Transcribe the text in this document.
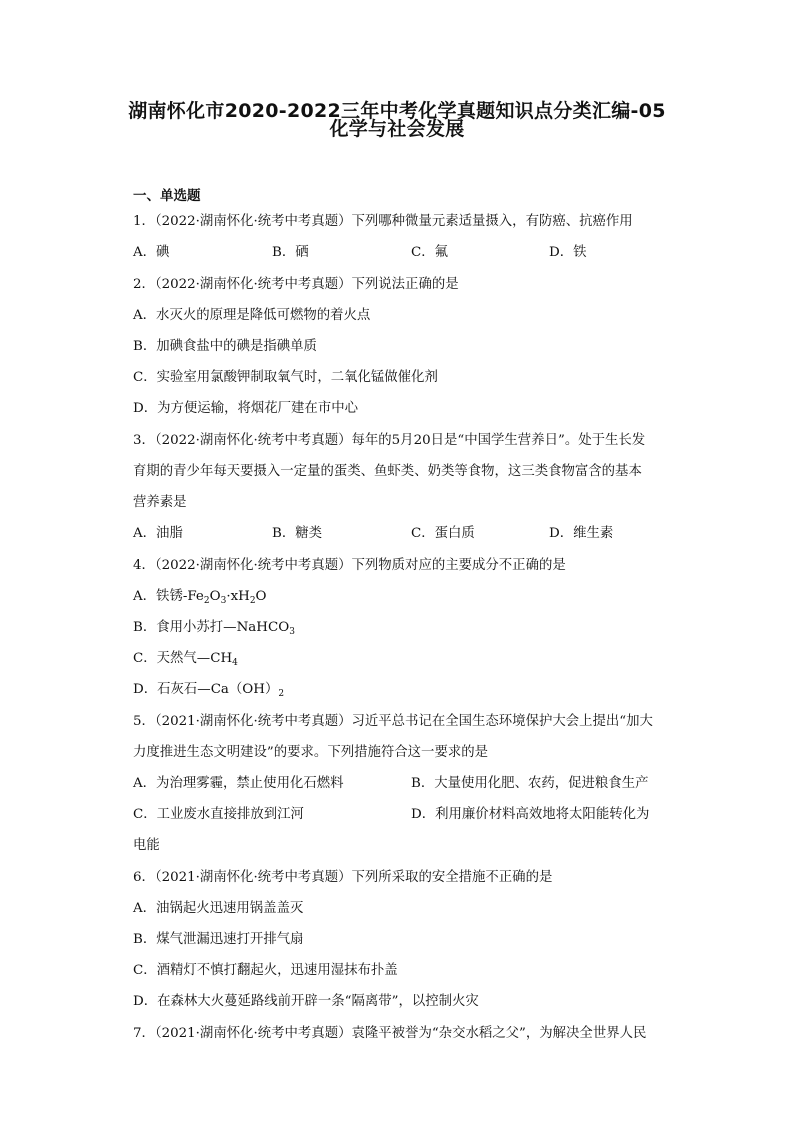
湖南怀化市2020-2022三年中考化学真题知识点分类汇编-05
化学与社会发展
一、单选题
1．（2022·湖南怀化·统考中考真题）下列哪种微量元素适量摄入，有防癌、抗癌作用
A．碘	B．硒	C．氟	D．铁
2．（2022·湖南怀化·统考中考真题）下列说法正确的是
A．水灭火的原理是降低可燃物的着火点
B．加碘食盐中的碘是指碘单质
C．实验室用氯酸钾制取氧气时，二氧化锰做催化剂
D．为方便运输，将烟花厂建在市中心
3．（2022·湖南怀化·统考中考真题）每年的5月20日是“中国学生营养日”。处于生长发
育期的青少年每天要摄入一定量的蛋类、鱼虾类、奶类等食物，这三类食物富含的基本
营养素是
A．油脂	B．糖类	C．蛋白质	D．维生素
4．（2022·湖南怀化·统考中考真题）下列物质对应的主要成分不正确的是
A．铁锈$-Fe_2O_3\cdot xH_2O$
B．食用小苏打—NaHCO$_3$
C．天然气$—CH_4$
D．石灰石$—Ca(OH)_2$
5．（2021·湖南怀化·统考中考真题）习近平总书记在全国生态环境保护大会上提出“加大
力度推进生态文明建设”的要求。下列措施符合这一要求的是
A．为治理雾霾，禁止使用化石燃料	B．大量使用化肥、农药，促进粮食生产
C．工业废水直接排放到江河	D．利用廉价材料高效地将太阳能转化为
电能
6．（2021·湖南怀化·统考中考真题）下列所采取的安全措施不正确的是
A．油锅起火迅速用锅盖盖灭
B．煤气泄漏迅速打开排气扇
C．酒精灯不慎打翻起火，迅速用湿抹布扑盖
D．在森林大火蔓延路线前开辟一条“隔离带”，以控制火灾
7．（2021·湖南怀化·统考中考真题）袁隆平被誉为“杂交水稻之父”，为解决全世界人民
